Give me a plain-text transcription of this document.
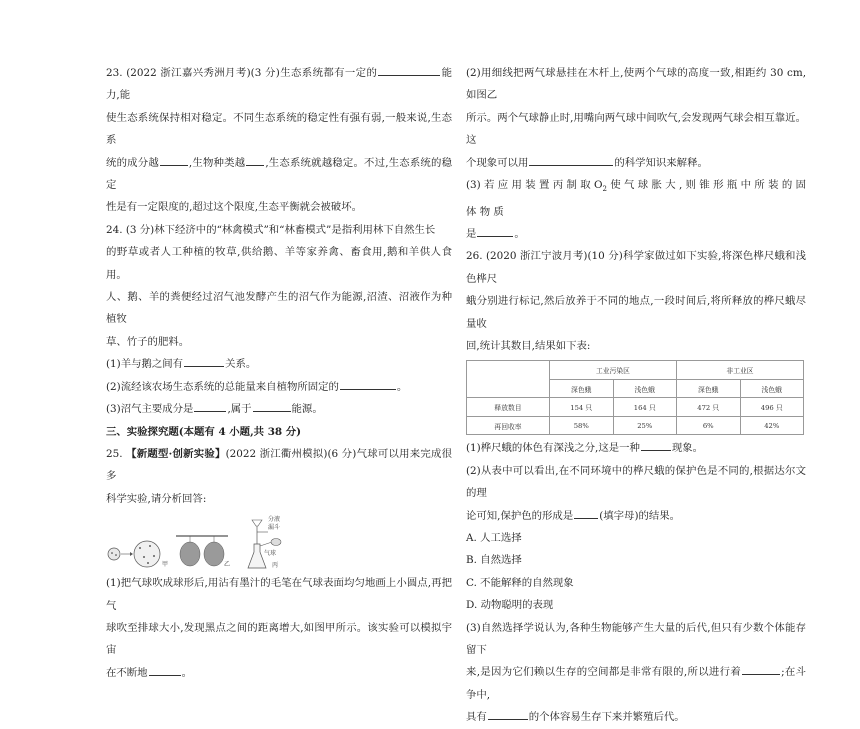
23. (2022 浙江嘉兴秀洲月考)(3 分)生态系统都有一定的	能力,能

使生态系统保持相对稳定。不同生态系统的稳定性有强有弱,一般来说,生态系

统的成分越	,生物种类越 ,生态系统就越稳定。不过,生态系统的稳定

性是有一定限度的,超过这个限度,生态平衡就会被破坏。

24. (3 分)林下经济中的“林禽模式”和“林畜模式”是指利用林下自然生长

的野草或者人工种植的牧草,供给鹅、羊等家养禽、畜食用,鹅和羊供人食用。

人、鹅、羊的粪便经过沼气池发酵产生的沼气作为能源,沼渣、沼液作为种植牧

草、竹子的肥料。

(1)羊与鹅之间有	关系。

(2)流经该农场生态系统的总能量来自植物所固定的	。

(3)沼气主要成分是	,属于	能源。

三、实验探究题(本题有 4 小题,共 38 分)

25. 【新题型·创新实验】(2022 浙江衢州模拟)(6 分)气球可以用来完成很多

科学实验,请分析回答:

甲	乙	丙
分液
漏斗
气球

(1)把气球吹成球形后,用沾有墨汁的毛笔在气球表面均匀地画上小圆点,再把气

球吹至排球大小,发现黑点之间的距离增大,如图甲所示。该实验可以模拟宇宙

在不断地	。

(2)用细线把两气球悬挂在木杆上,使两个气球的高度一致,相距约 30 cm,如图乙

所示。两个气球静止时,用嘴向两气球中间吹气,会发现两气球会相互靠近。这

个现象可以用	的科学知识来解释。

(3) 若 应 用 装 置 丙 制 取 $O_2$ 使 气 球 胀 大 , 则 锥 形 瓶 中 所 装 的 固 体 物 质

是	。

26. (2020 浙江宁波月考)(10 分)科学家做过如下实验,将深色桦尺蛾和浅色桦尺

蛾分别进行标记,然后放养于不同的地点,一段时间后,将所释放的桦尺蛾尽量收

回,统计其数目,结果如下表:

	工业污染区		非工业区	
	深色蛾	浅色蛾	深色蛾	浅色蛾
释放数目	154 只	164 只	472 只	496 只
再回收率	58%	25%	6%	42%

(1)桦尺蛾的体色有深浅之分,这是一种	现象。

(2)从表中可以看出,在不同环境中的桦尺蛾的保护色是不同的,根据达尔文的理

论可知,保护色的形成是	(填字母)的结果。

A. 人工选择

B. 自然选择

C. 不能解释的自然现象

D. 动物聪明的表现

(3)自然选择学说认为,各种生物能够产生大量的后代,但只有少数个体能存留下

来,是因为它们赖以生存的空间都是非常有限的,所以进行着	;在斗争中,

具有	的个体容易生存下来并繁殖后代。
